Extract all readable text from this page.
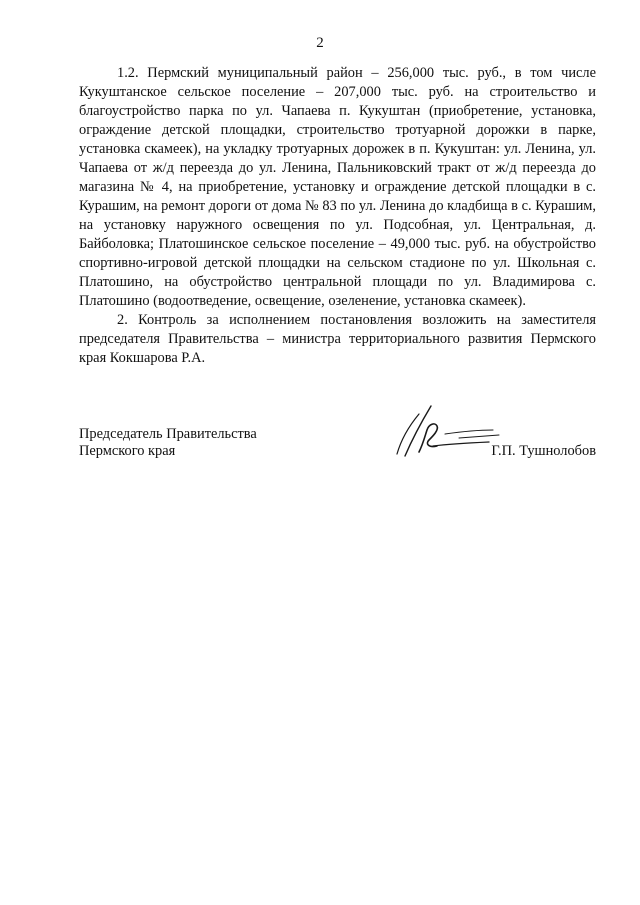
2

1.2. Пермский муниципальный район – 256,000 тыс. руб., в том числе Кукуштанское сельское поселение – 207,000 тыс. руб. на строительство и благоустройство парка по ул. Чапаева п. Кукуштан (приобретение, установка, ограждение детской площадки, строительство тротуарной дорожки в парке, установка скамеек), на укладку тротуарных дорожек в п. Кукуштан: ул. Ленина, ул. Чапаева от ж/д переезда до ул. Ленина, Пальниковский тракт от ж/д переезда до магазина № 4, на приобретение, установку и ограждение детской площадки в с. Курашим, на ремонт дороги от дома № 83 по ул. Ленина до кладбища в с. Курашим, на установку наружного освещения по ул. Подсобная, ул. Центральная, д. Байболовка; Платошинское сельское поселение – 49,000 тыс. руб. на обустройство спортивно-игровой детской площадки на сельском стадионе по ул. Школьная с. Платошино, на обустройство центральной площади по ул. Владимирова с. Платошино (водоотведение, освещение, озеленение, установка скамеек).

2. Контроль за исполнением постановления возложить на заместителя председателя Правительства – министра территориального развития Пермского края Кокшарова Р.А.

Председатель Правительства
Пермского края	Г.П. Тушнолобов
